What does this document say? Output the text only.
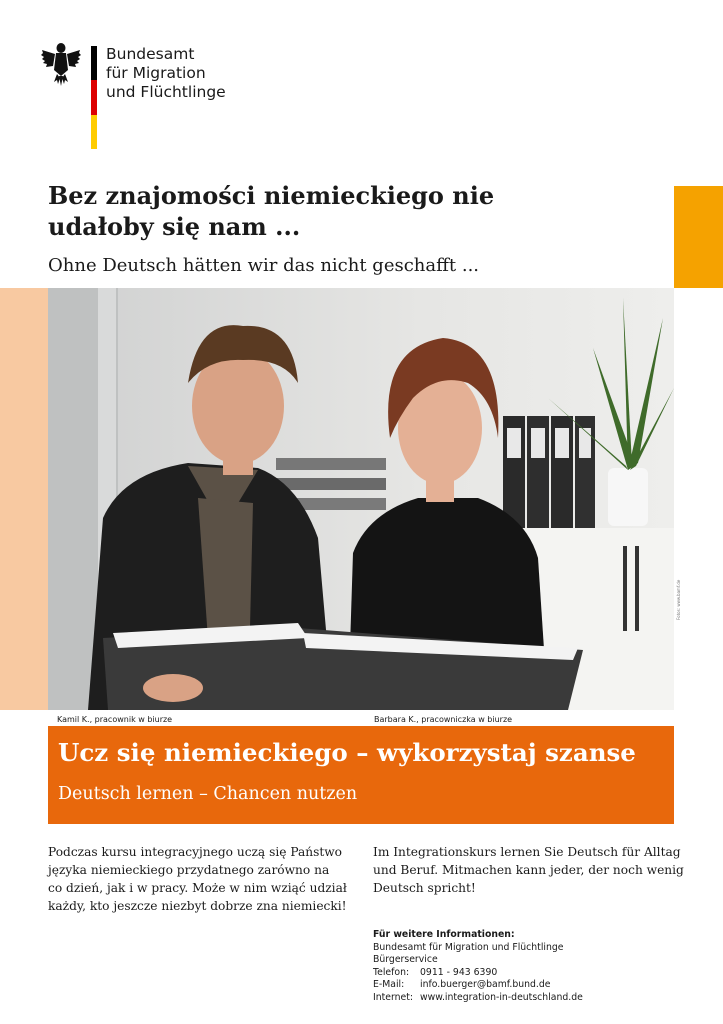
Bundesamt
für Migration
und Flüchtlinge
Bez znajomości niemieckiego nie
udałoby się nam ...
Ohne Deutsch hätten wir das nicht geschafft ...
Fotos: www.bamf.de
Kamil K., pracownik w biurze	Barbara K., pracowniczka w biurze
Ucz się niemieckiego – wykorzystaj szanse
Deutsch lernen – Chancen nutzen
Podczas kursu integracyjnego uczą się Państwo
języka niemieckiego przydatnego zarówno na
co dzień, jak i w pracy. Może w nim wziąć udział
każdy, kto jeszcze niezbyt dobrze zna niemiecki!
Im Integrationskurs lernen Sie Deutsch für Alltag
und Beruf. Mitmachen kann jeder, der noch wenig
Deutsch spricht!
Für weitere Informationen:
Bundesamt für Migration und Flüchtlinge
Bürgerservice
Telefon: 0911 - 943 6390
E-Mail: info.buerger@bamf.bund.de
Internet: www.integration-in-deutschland.de
